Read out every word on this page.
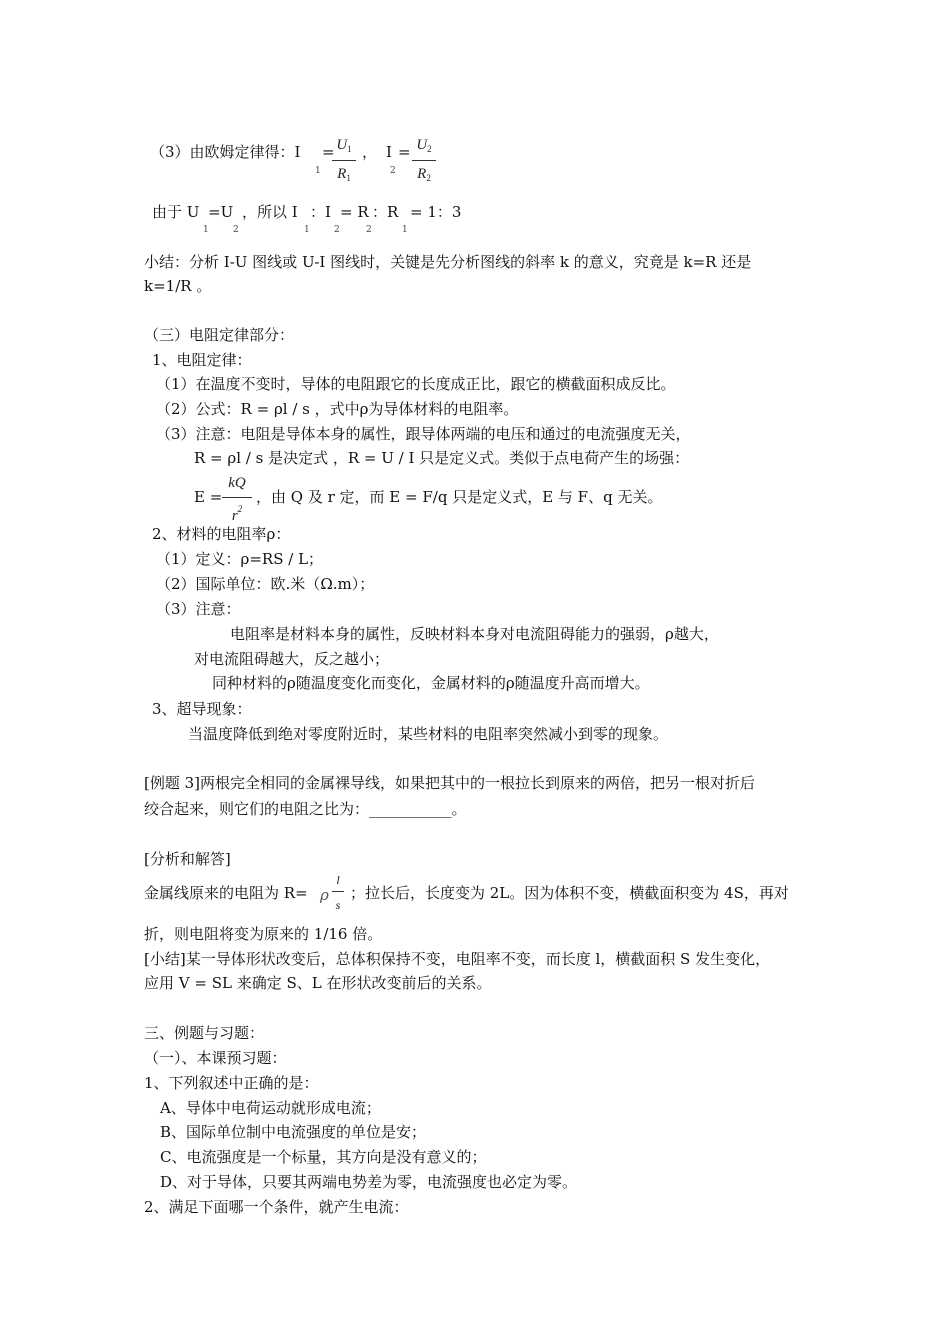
（3）由欧姆定律得：I
1
= $U_1$
$R_1$
， I
2
= $U_2$
$R_2$
由于 U
1
=U
2
，所以 I
1
：I
2
= R
2
：R
1
= 1：3
小结：分析 I-U 图线或 U-I 图线时，关键是先分析图线的斜率 k 的意义，究竟是 k=R 还是
k=1/R 。
（三）电阻定律部分：
1、电阻定律：
（1）在温度不变时，导体的电阻跟它的长度成正比，跟它的横截面积成反比。
（2）公式：R = ρl / s ，式中ρ为导体材料的电阻率。
（3）注意：电阻是导体本身的属性，跟导体两端的电压和通过的电流强度无关，
R = ρl / s 是决定式 ，R = U / I 只是定义式。类似于点电荷产生的场强：
E =
kQ
$r^2$
，由 Q 及 r 定，而 E = F/q 只是定义式，E 与 F、q 无关。
2、材料的电阻率ρ：
（1）定义：ρ=RS / L；
（2）国际单位：欧.米（Ω.m）；
（3）注意：
电阻率是材料本身的属性，反映材料本身对电流阻碍能力的强弱，ρ越大，
对电流阻碍越大，反之越小；
同种材料的ρ随温度变化而变化，金属材料的ρ随温度升高而增大。
3、超导现象：
当温度降低到绝对零度附近时，某些材料的电阻率突然减小到零的现象。
[例题 3]两根完全相同的金属裸导线，如果把其中的一根拉长到原来的两倍，把另一根对折后
绞合起来，则它们的电阻之比为：___________。
[分析和解答]
金属线原来的电阻为 R= ρ
l
s
；拉长后，长度变为 2L。因为体积不变，横截面积变为 4S，再对
折，则电阻将变为原来的 1/16 倍。
[小结]某一导体形状改变后，总体积保持不变，电阻率不变，而长度 l，横截面积 S 发生变化，
应用 V = SL 来确定 S、L 在形状改变前后的关系。
三、例题与习题：
（一）、本课预习题：
1、下列叙述中正确的是：
A、导体中电荷运动就形成电流；
B、国际单位制中电流强度的单位是安；
C、电流强度是一个标量，其方向是没有意义的；
D、对于导体，只要其两端电势差为零，电流强度也必定为零。
2、满足下面哪一个条件，就产生电流：
